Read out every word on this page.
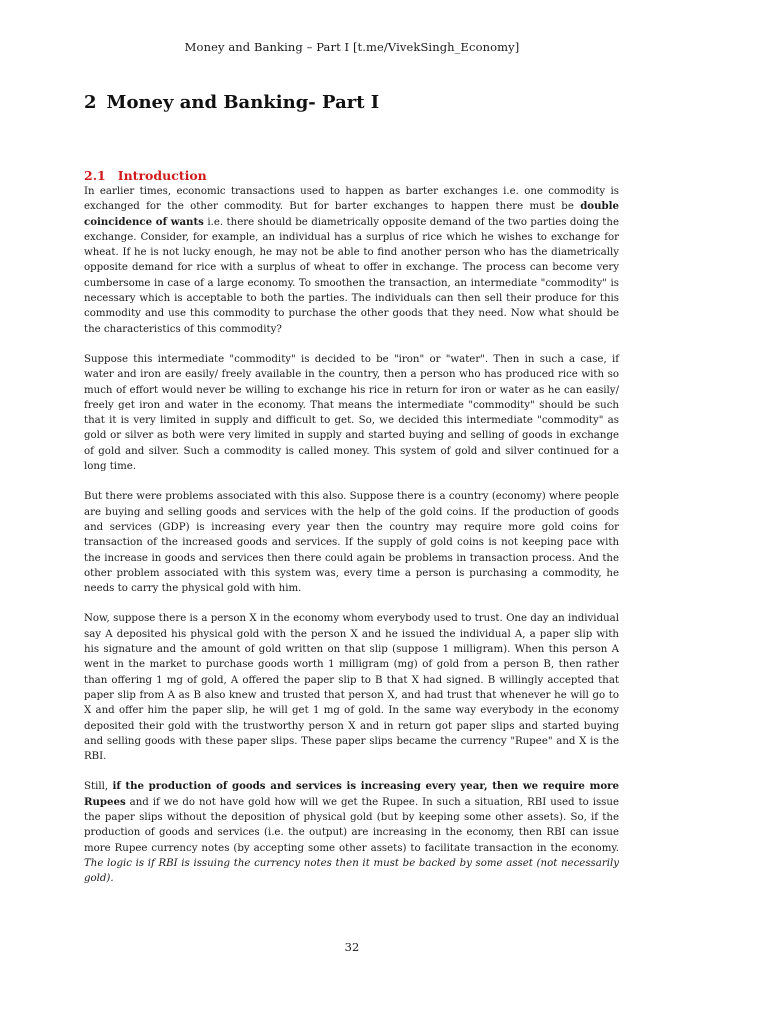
Money and Banking – Part I [t.me/VivekSingh_Economy]
2 Money and Banking- Part I
2.1 Introduction

In earlier times, economic transactions used to happen as barter exchanges i.e. one commodity is exchanged for the other commodity. But for barter exchanges to happen there must be double coincidence of wants i.e. there should be diametrically opposite demand of the two parties doing the exchange. Consider, for example, an individual has a surplus of rice which he wishes to exchange for wheat. If he is not lucky enough, he may not be able to find another person who has the diametrically opposite demand for rice with a surplus of wheat to offer in exchange. The process can become very cumbersome in case of a large economy. To smoothen the transaction, an intermediate "commodity" is necessary which is acceptable to both the parties. The individuals can then sell their produce for this commodity and use this commodity to purchase the other goods that they need. Now what should be the characteristics of this commodity?

Suppose this intermediate "commodity" is decided to be "iron" or "water". Then in such a case, if water and iron are easily/ freely available in the country, then a person who has produced rice with so much of effort would never be willing to exchange his rice in return for iron or water as he can easily/ freely get iron and water in the economy. That means the intermediate "commodity" should be such that it is very limited in supply and difficult to get. So, we decided this intermediate "commodity" as gold or silver as both were very limited in supply and started buying and selling of goods in exchange of gold and silver. Such a commodity is called money. This system of gold and silver continued for a long time.

But there were problems associated with this also. Suppose there is a country (economy) where people are buying and selling goods and services with the help of the gold coins. If the production of goods and services (GDP) is increasing every year then the country may require more gold coins for transaction of the increased goods and services. If the supply of gold coins is not keeping pace with the increase in goods and services then there could again be problems in transaction process. And the other problem associated with this system was, every time a person is purchasing a commodity, he needs to carry the physical gold with him.

Now, suppose there is a person X in the economy whom everybody used to trust. One day an individual say A deposited his physical gold with the person X and he issued the individual A, a paper slip with his signature and the amount of gold written on that slip (suppose 1 milligram). When this person A went in the market to purchase goods worth 1 milligram (mg) of gold from a person B, then rather than offering 1 mg of gold, A offered the paper slip to B that X had signed. B willingly accepted that paper slip from A as B also knew and trusted that person X, and had trust that whenever he will go to X and offer him the paper slip, he will get 1 mg of gold. In the same way everybody in the economy deposited their gold with the trustworthy person X and in return got paper slips and started buying and selling goods with these paper slips. These paper slips became the currency "Rupee" and X is the RBI.

Still, if the production of goods and services is increasing every year, then we require more Rupees and if we do not have gold how will we get the Rupee. In such a situation, RBI used to issue the paper slips without the deposition of physical gold (but by keeping some other assets). So, if the production of goods and services (i.e. the output) are increasing in the economy, then RBI can issue more Rupee currency notes (by accepting some other assets) to facilitate transaction in the economy. The logic is if RBI is issuing the currency notes then it must be backed by some asset (not necessarily gold).

32
